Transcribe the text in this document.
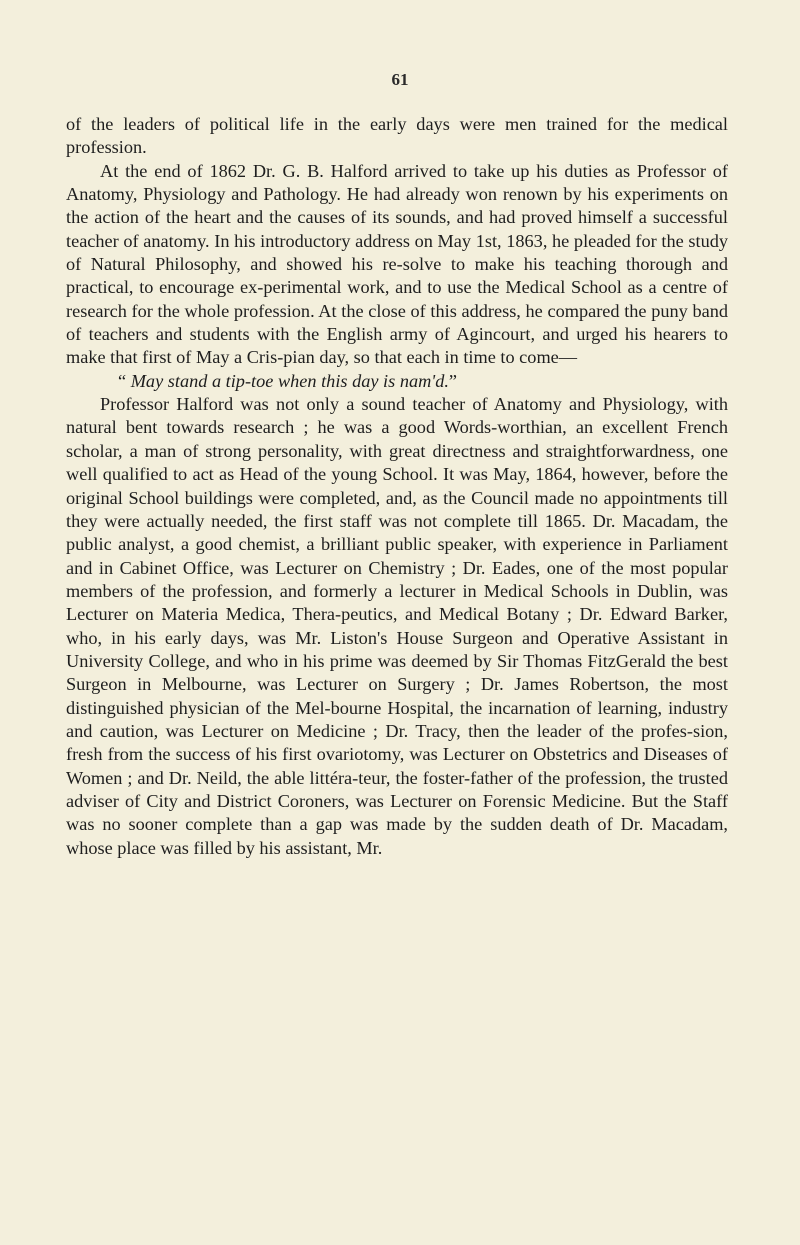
61

of the leaders of political life in the early days were men trained for the medical profession.

At the end of 1862 Dr. G. B. Halford arrived to take up his duties as Professor of Anatomy, Physiology and Pathology. He had already won renown by his experiments on the action of the heart and the causes of its sounds, and had proved himself a successful teacher of anatomy. In his introductory address on May 1st, 1863, he pleaded for the study of Natural Philosophy, and showed his re-solve to make his teaching thorough and practical, to encourage ex-perimental work, and to use the Medical School as a centre of research for the whole profession. At the close of this address, he compared the puny band of teachers and students with the English army of Agincourt, and urged his hearers to make that first of May a Cris-pian day, so that each in time to come—

“ May stand a tip-toe when this day is nam'd.”

Professor Halford was not only a sound teacher of Anatomy and Physiology, with natural bent towards research ; he was a good Words-worthian, an excellent French scholar, a man of strong personality, with great directness and straightforwardness, one well qualified to act as Head of the young School. It was May, 1864, however, before the original School buildings were completed, and, as the Council made no appointments till they were actually needed, the first staff was not complete till 1865. Dr. Macadam, the public analyst, a good chemist, a brilliant public speaker, with experience in Parliament and in Cabinet Office, was Lecturer on Chemistry ; Dr. Eades, one of the most popular members of the profession, and formerly a lecturer in Medical Schools in Dublin, was Lecturer on Materia Medica, Thera-peutics, and Medical Botany ; Dr. Edward Barker, who, in his early days, was Mr. Liston's House Surgeon and Operative Assistant in University College, and who in his prime was deemed by Sir Thomas FitzGerald the best Surgeon in Melbourne, was Lecturer on Surgery ; Dr. James Robertson, the most distinguished physician of the Mel-bourne Hospital, the incarnation of learning, industry and caution, was Lecturer on Medicine ; Dr. Tracy, then the leader of the profes-sion, fresh from the success of his first ovariotomy, was Lecturer on Obstetrics and Diseases of Women ; and Dr. Neild, the able littéra-teur, the foster-father of the profession, the trusted adviser of City and District Coroners, was Lecturer on Forensic Medicine. But the Staff was no sooner complete than a gap was made by the sudden death of Dr. Macadam, whose place was filled by his assistant, Mr.
